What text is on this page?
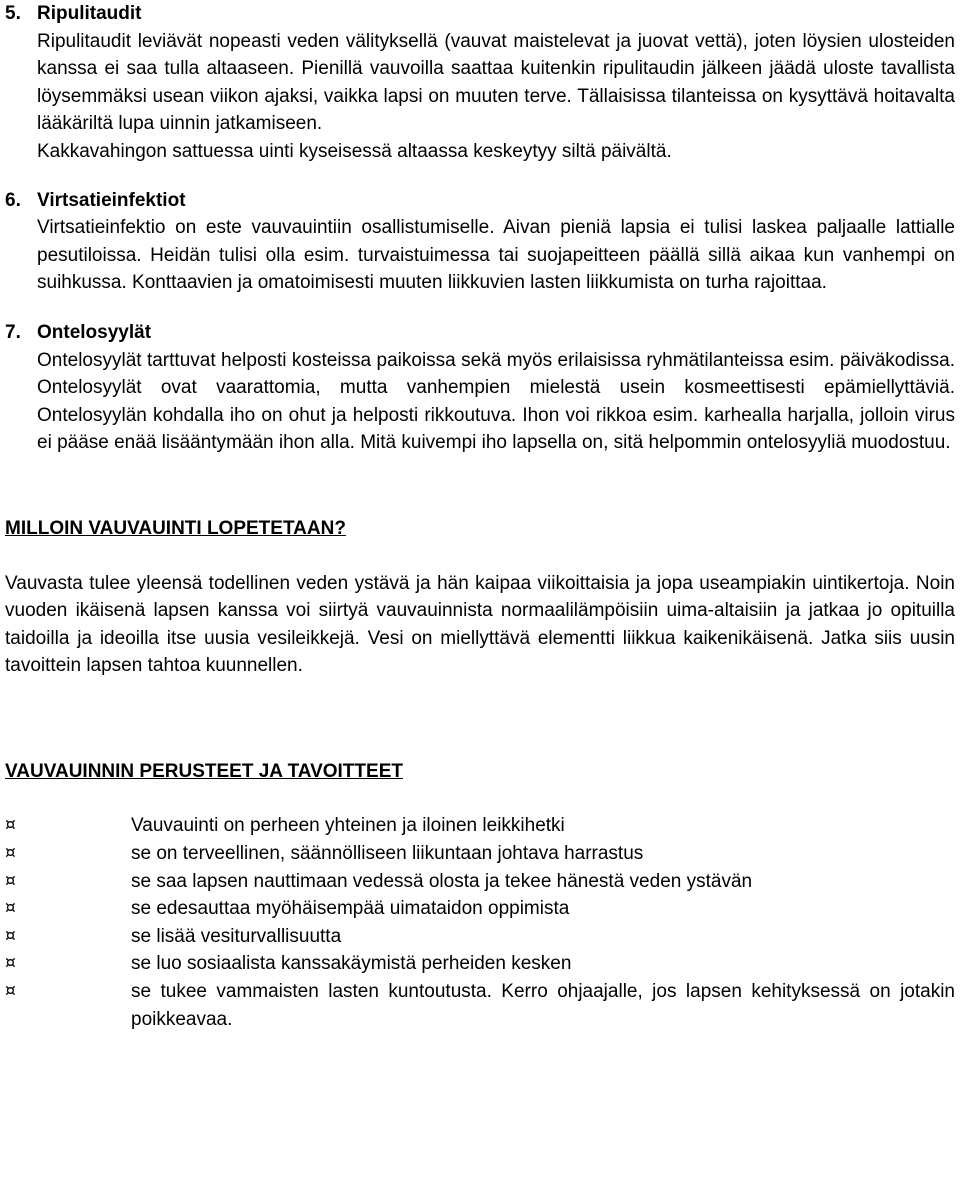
5. Ripulitaudit
Ripulitaudit leviävät nopeasti veden välityksellä (vauvat maistelevat ja juovat vettä), joten löysien ulosteiden kanssa ei saa tulla altaaseen. Pienillä vauvoilla saattaa kuitenkin ripulitaudin jälkeen jäädä uloste tavallista löysemmäksi usean viikon ajaksi, vaikka lapsi on muuten terve. Tällaisissa tilanteissa on kysyttävä hoitavalta lääkäriltä lupa uinnin jatkamiseen.
Kakkavahingon sattuessa uinti kyseisessä altaassa keskeytyy siltä päivältä.
6. Virtsatieinfektiot
Virtsatieinfektio on este vauvauintiin osallistumiselle. Aivan pieniä lapsia ei tulisi laskea paljaalle lattialle pesutiloissa. Heidän tulisi olla esim. turvaistuimessa tai suojapeitteen päällä sillä aikaa kun vanhempi on suihkussa. Konttaavien ja omatoimisesti muuten liikkuvien lasten liikkumista on turha rajoittaa.
7. Ontelosyylät
Ontelosyylät tarttuvat helposti kosteissa paikoissa sekä myös erilaisissa ryhmätilanteissa esim. päiväkodissa. Ontelosyylät ovat vaarattomia, mutta vanhempien mielestä usein kosmeettisesti epämiellyttäviä. Ontelosyylän kohdalla iho on ohut ja helposti rikkoutuva. Ihon voi rikkoa esim. karhealla harjalla, jolloin virus ei pääse enää lisääntymään ihon alla. Mitä kuivempi iho lapsella on, sitä helpommin ontelosyyliä muodostuu.
MILLOIN VAUVAUINTI LOPETETAAN?
Vauvasta tulee yleensä todellinen veden ystävä ja hän kaipaa viikoittaisia ja jopa useampiakin uintikertoja. Noin vuoden ikäisenä lapsen kanssa voi siirtyä vauvauinnista normaalilämpöisiin uima-altaisiin ja jatkaa jo opituilla taidoilla ja ideoilla itse uusia vesileikkejä. Vesi on miellyttävä elementti liikkua kaikenikäisenä. Jatka siis uusin tavoittein lapsen tahtoa kuunnellen.
VAUVAUINNIN PERUSTEET JA TAVOITTEET
¤	Vauvauinti on perheen yhteinen ja iloinen leikkihetki
¤	se on terveellinen, säännölliseen liikuntaan johtava harrastus
¤	se saa lapsen nauttimaan vedessä olosta ja tekee hänestä veden ystävän
¤	se edesauttaa myöhäisempää uimataidon oppimista
¤	se lisää vesiturvallisuutta
¤	se luo sosiaalista kanssakäymistä perheiden kesken
¤	se tukee vammaisten lasten kuntoutusta. Kerro ohjaajalle, jos lapsen kehityksessä on jotakin poikkeavaa.
